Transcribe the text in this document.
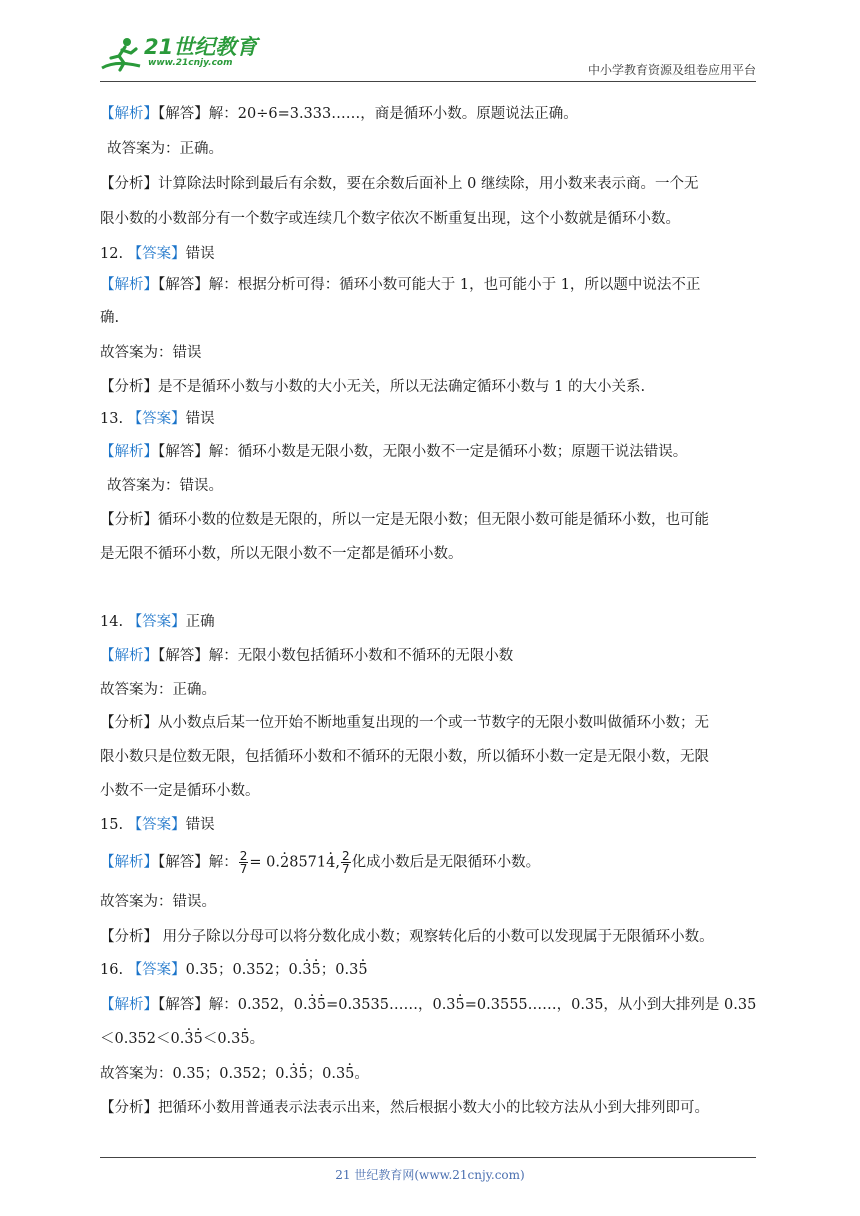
21世纪教育
www.21cnjy.com	中小学教育资源及组卷应用平台
【解析】【解答】解：20÷6=3.333……，商是循环小数。原题说法正确。
故答案为：正确。
【分析】计算除法时除到最后有余数，要在余数后面补上 0 继续除，用小数来表示商。一个无
限小数的小数部分有一个数字或连续几个数字依次不断重复出现，这个小数就是循环小数。
12. 【答案】错误
【解析】【解答】解：根据分析可得：循环小数可能大于 1，也可能小于 1，所以题中说法不正
确.
故答案为：错误
【分析】是不是循环小数与小数的大小无关，所以无法确定循环小数与 1 的大小关系.
13. 【答案】错误
【解析】【解答】解：循环小数是无限小数，无限小数不一定是循环小数；原题干说法错误。
故答案为：错误。
【分析】循环小数的位数是无限的，所以一定是无限小数；但无限小数可能是循环小数，也可能
是无限不循环小数，所以无限小数不一定都是循环小数。
14. 【答案】正确
【解析】【解答】解：无限小数包括循环小数和不循环的无限小数
故答案为：正确。
【分析】从小数点后某一位开始不断地重复出现的一个或一节数字的无限小数叫做循环小数；无
限小数只是位数无限，包括循环小数和不循环的无限小数，所以循环小数一定是无限小数，无限
小数不一定是循环小数。
15. 【答案】错误
【解析】【解答】解： $\frac{2}{7} = 0.\cdot 28571\cdot 4$, $\frac{2}{7}$ 化成小数后是无限循环小数。
故答案为：错误。
【分析】 用分子除以分母可以将分数化成小数；观察转化后的小数可以发现属于无限循环小数。
16. 【答案】0.35；0.352；0.· 3· 5；0.3· 5
【解析】【解答】解：0.352，0.· 3· 5=0.3535……，0.3· 5=0.3555……，0.35，从小到大排列是 0.35
＜0.352＜0.· 3· 5＜0.3· 5。
故答案为：0.35；0.352；0.· 3· 5；0.3· 5。
【分析】把循环小数用普通表示法表示出来，然后根据小数大小的比较方法从小到大排列即可。
21 世纪教育网(www.21cnjy.com)
